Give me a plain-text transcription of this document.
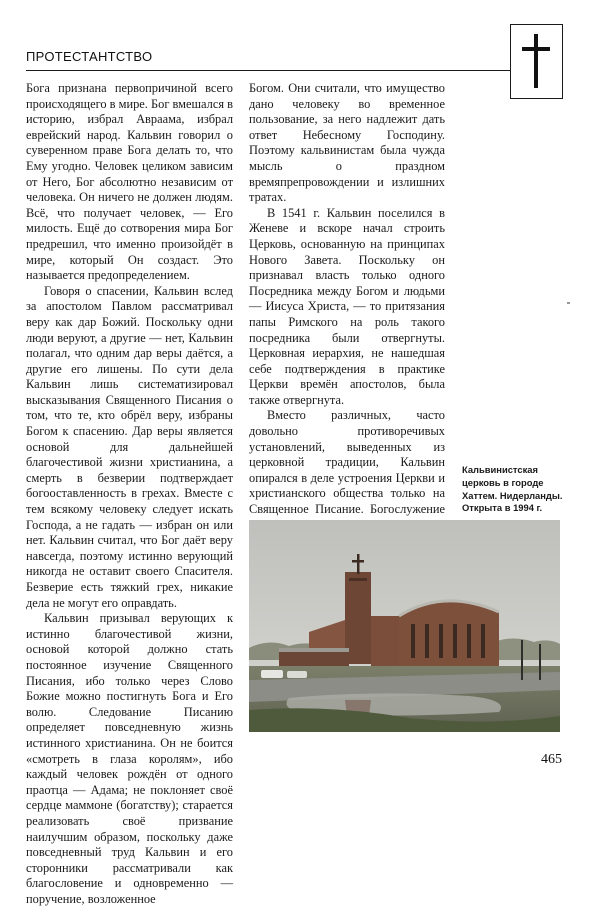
ПРОТЕСТАНТСТВО

Бога признана первопричиной всего происходящего в мире. Бог вмешался в историю, избрал Авраама, избрал еврейский народ. Кальвин говорил о суверенном праве Бога делать то, что Ему угодно. Человек целиком зависим от Него, Бог абсолютно независим от человека. Он ничего не должен людям. Всё, что получает человек, — Его милость. Ещё до сотворения мира Бог предрешил, что именно произойдёт в мире, который Он создаст. Это называется предопределением.

Говоря о спасении, Кальвин вслед за апостолом Павлом рассматривал веру как дар Божий. Поскольку одни люди веруют, а другие — нет, Кальвин полагал, что одним дар веры даётся, а другие его лишены. По сути дела Кальвин лишь систематизировал высказывания Священного Писания о том, что те, кто обрёл веру, избраны Богом к спасению. Дар веры является основой для дальнейшей благочестивой жизни христианина, а смерть в безверии подтверждает богооставленность в грехах. Вместе с тем всякому человеку следует искать Господа, а не гадать — избран он или нет. Кальвин считал, что Бог даёт веру навсегда, поэтому истинно верующий никогда не оставит своего Спасителя. Безверие есть тяжкий грех, никакие дела не могут его оправдать.

Кальвин призывал верующих к истинно благочестивой жизни, основой которой должно стать постоянное изучение Священного Писания, ибо только через Слово Божие можно постигнуть Бога и Его волю. Следование Писанию определяет повседневную жизнь истинного христианина. Он не боится «смотреть в глаза королям», ибо каждый человек рождён от одного праотца — Адама; не поклоняет своё сердце маммоне (богатству); старается реализовать своё призвание наилучшим образом, поскольку даже повседневный труд Кальвин и его сторонники рассматривали как благословение и одновременно — поручение, возложенное

Богом. Они считали, что имущество дано человеку во временное пользование, за него надлежит дать ответ Небесному Господину. Поэтому кальвинистам была чужда мысль о праздном времяпрепровождении и излишних тратах.

В 1541 г. Кальвин поселился в Женеве и вскоре начал строить Церковь, основанную на принципах Нового Завета. Поскольку он признавал власть только одного Посредника между Богом и людьми — Иисуса Христа, — то притязания папы Римского на роль такого посредника были отвергнуты. Церковная иерархия, не нашедшая себе подтверждения в практике Церкви времён апостолов, была также отвергнута.

Вместо различных, часто довольно противоречивых установлений, выведенных из церковной традиции, Кальвин опирался в деле устроения Церкви и христианского общества только на Священное Писание. Богослужение

Кальвинистская церковь в городе Хаттем. Нидерланды. Открыта в 1994 г.
465
